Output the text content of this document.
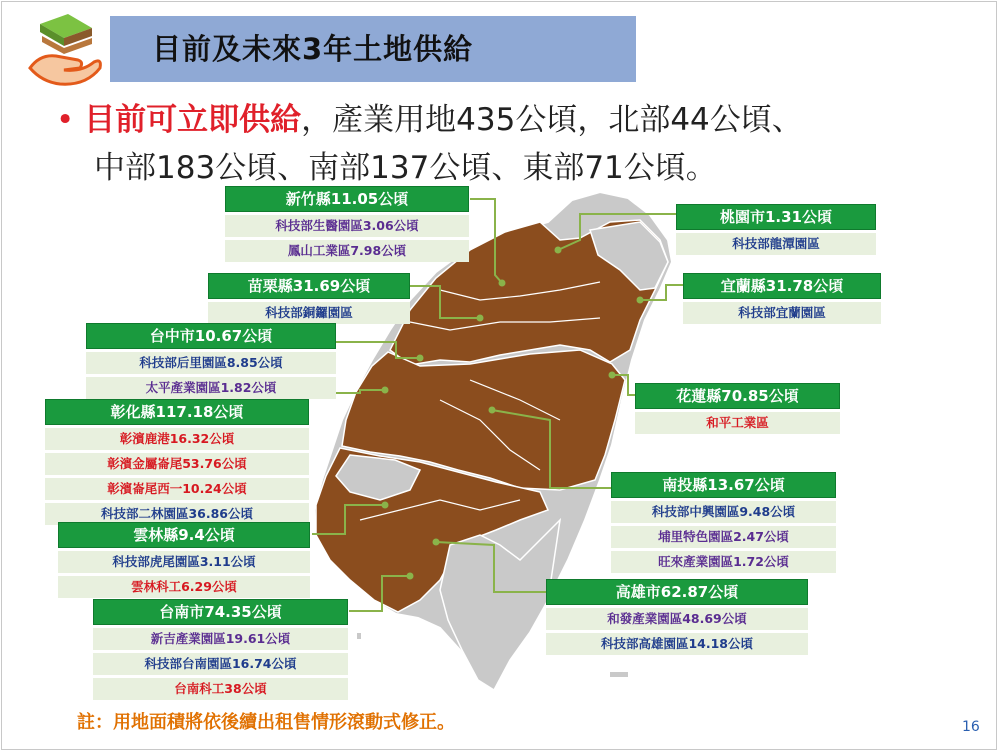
目前及未來3年土地供給
• 目前可立即供給，產業用地435公頃，北部44公頃、
中部183公頃、南部137公頃、東部71公頃。
新竹縣11.05公頃
科技部生醫園區3.06公頃
鳳山工業區7.98公頃
苗栗縣31.69公頃
科技部銅鑼園區
台中市10.67公頃
科技部后里園區8.85公頃
太平產業園區1.82公頃
彰化縣117.18公頃
彰濱鹿港16.32公頃
彰濱金屬崙尾53.76公頃
彰濱崙尾西一10.24公頃
科技部二林園區36.86公頃
雲林縣9.4公頃
科技部虎尾園區3.11公頃
雲林科工6.29公頃
台南市74.35公頃
新吉產業園區19.61公頃
科技部台南園區16.74公頃
台南科工38公頃
桃園市1.31公頃
科技部龍潭園區
宜蘭縣31.78公頃
科技部宜蘭園區
花蓮縣70.85公頃
和平工業區
南投縣13.67公頃
科技部中興園區9.48公頃
埔里特色園區2.47公頃
旺來產業園區1.72公頃
高雄市62.87公頃
和發產業園區48.69公頃
科技部高雄園區14.18公頃
註：用地面積將依後續出租售情形滾動式修正。	16
